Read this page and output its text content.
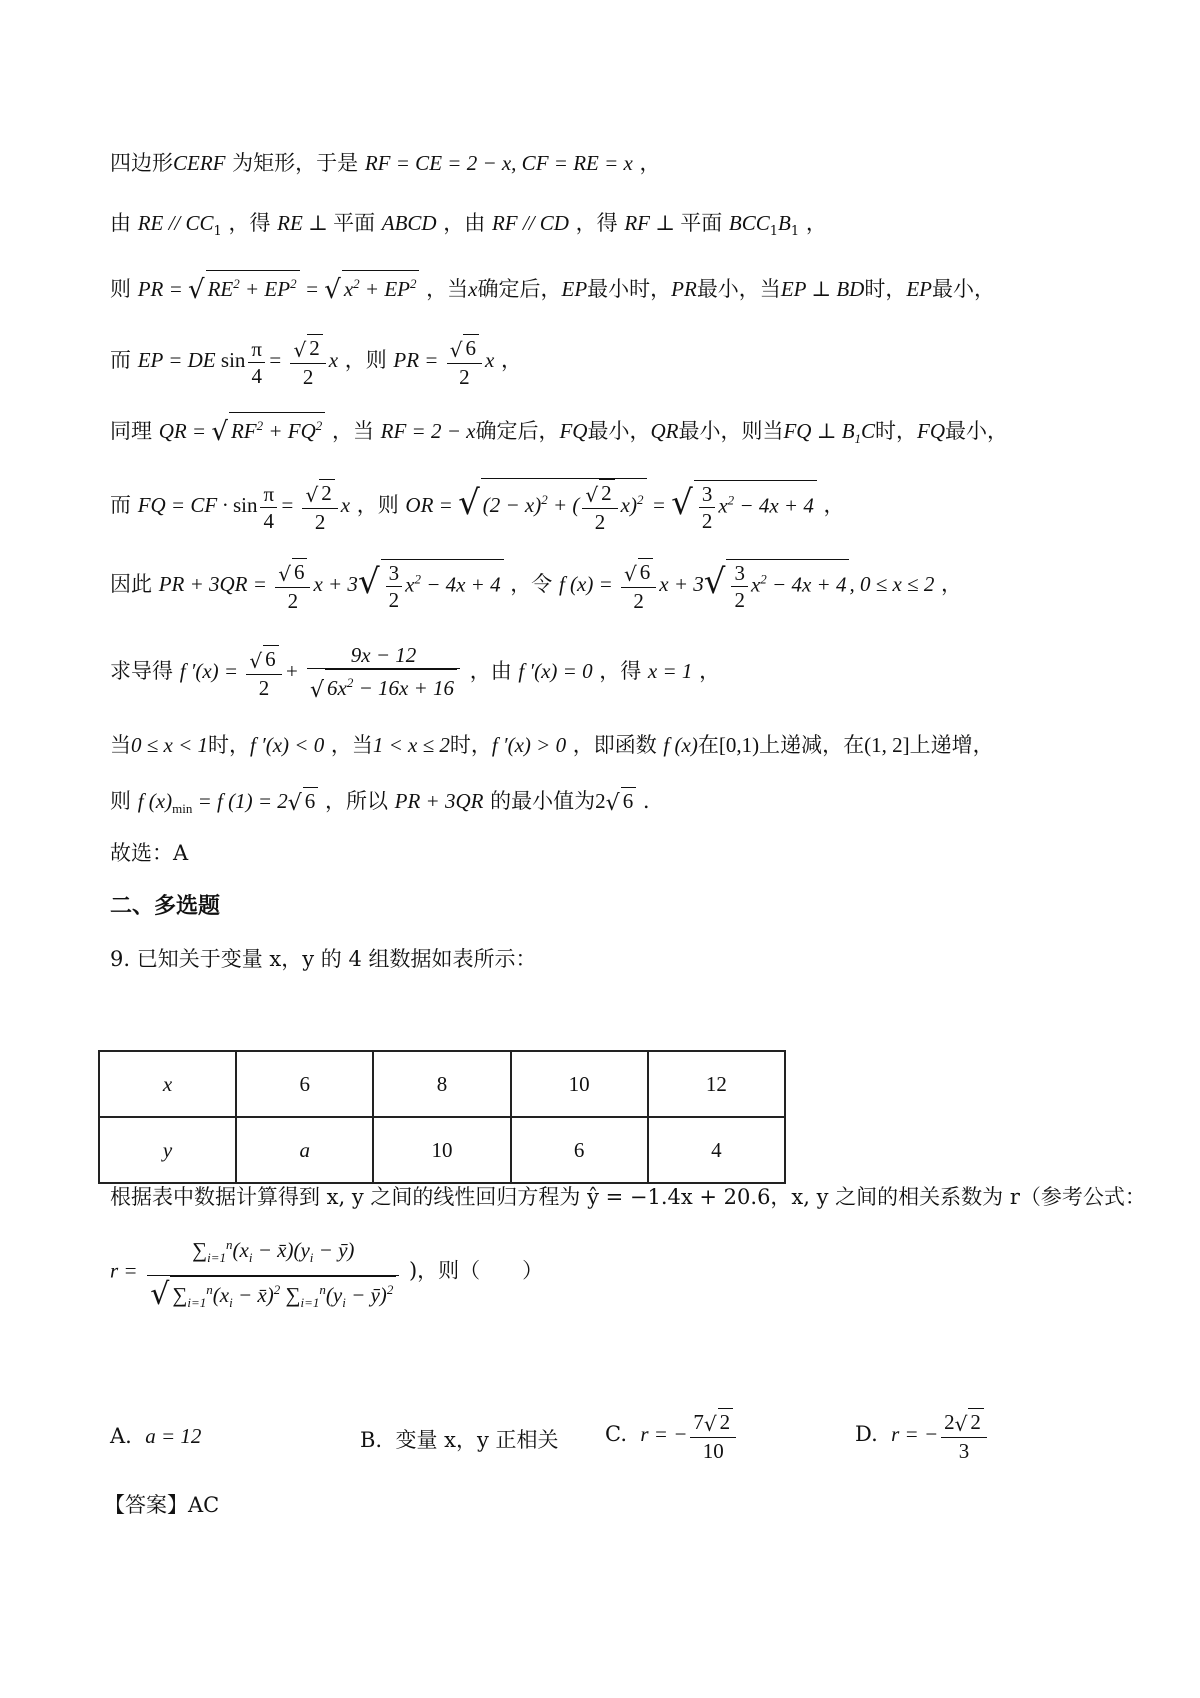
四边形CERF 为矩形，于是 RF = CE = 2 − x, CF = RE = x ，
由 RE // $CC_1$ ，得 RE ⊥ 平面 ABCD ，由 RF // CD ，得 RF ⊥ 平面 $BCC_1B_1$ ，
则 PR = √ $RE^2 + EP^2$ = √ $x^2 + EP^2$ ，当x确定后，EP最小时，PR最小，当EP ⊥ BD时，EP最小，
而 EP = DE $\sin \frac{\pi}{4} = \frac{√ 2}{2}$ x ，则 PR = $\frac{√ 6}{2}$ x ，
同理 QR = √ $RF^2 + FQ^2$ ，当 RF = 2 − x确定后，FQ最小，QR最小，则当FQ ⊥ $B_1C$时，FQ最小，
而 FQ = CF · $\sin \frac{\pi}{4} = \frac{√ 2}{2}$ x ，则 OR = √ $(2 - x)^2$ + ( $\frac{√ 2}{2} x)^2$ = √ $\frac{3}{2} x^2 - 4x + 4$ ，
因此 PR + $3QR = \frac{√ 6}{2}$ $x + 3√ \frac{3}{2} x^2 - 4x + 4$ ，令 f $(x) = \frac{√ 6}{2}$ $x + 3√ \frac{3}{2} x^2 - 4x + 4$ , 0 ≤ x ≤ 2 ，
求导得 f $'(x) = \frac{√ 6}{2} + \frac{9x - 12}{√ 6x^2 - 16x + 16}$ ，由 f ′(x) = 0 ，得 x = 1 ，
当0 ≤ x < 1时，f ′(x) < 0 ，当1 < x ≤ 2时，f ′(x) > 0 ，即函数 f (x)在[0,1)上递减，在(1, 2]上递增，
则 f $(x)_{min} = f$ (1) = 2√ 6 ，所以 PR + 3QR 的最小值为2√ 6 .
故选：A
二、多选题
9. 已知关于变量 x，y 的 4 组数据如表所示：
x	6	8	10	12
y	a	10	6	4
根据表中数据计算得到 x, y 之间的线性回归方程为 ŷ = −1.4x + 20.6，x, y 之间的相关系数为 r（参考公式：
$r = \frac{\sum_{i=1}^n(x_i - x̄)(y_i - ȳ)}{√ \sum_{i=1}^n(x_i - x̄)^2 \sum_{i=1}^n(y_i - ȳ)^2}$ )，则（　　）
A. a = 12	B. 变量 x，y 正相关 C. r = − $\frac{7√ 2}{10}$	D. r = − $\frac{2√ 2}{3}$
【答案】AC
